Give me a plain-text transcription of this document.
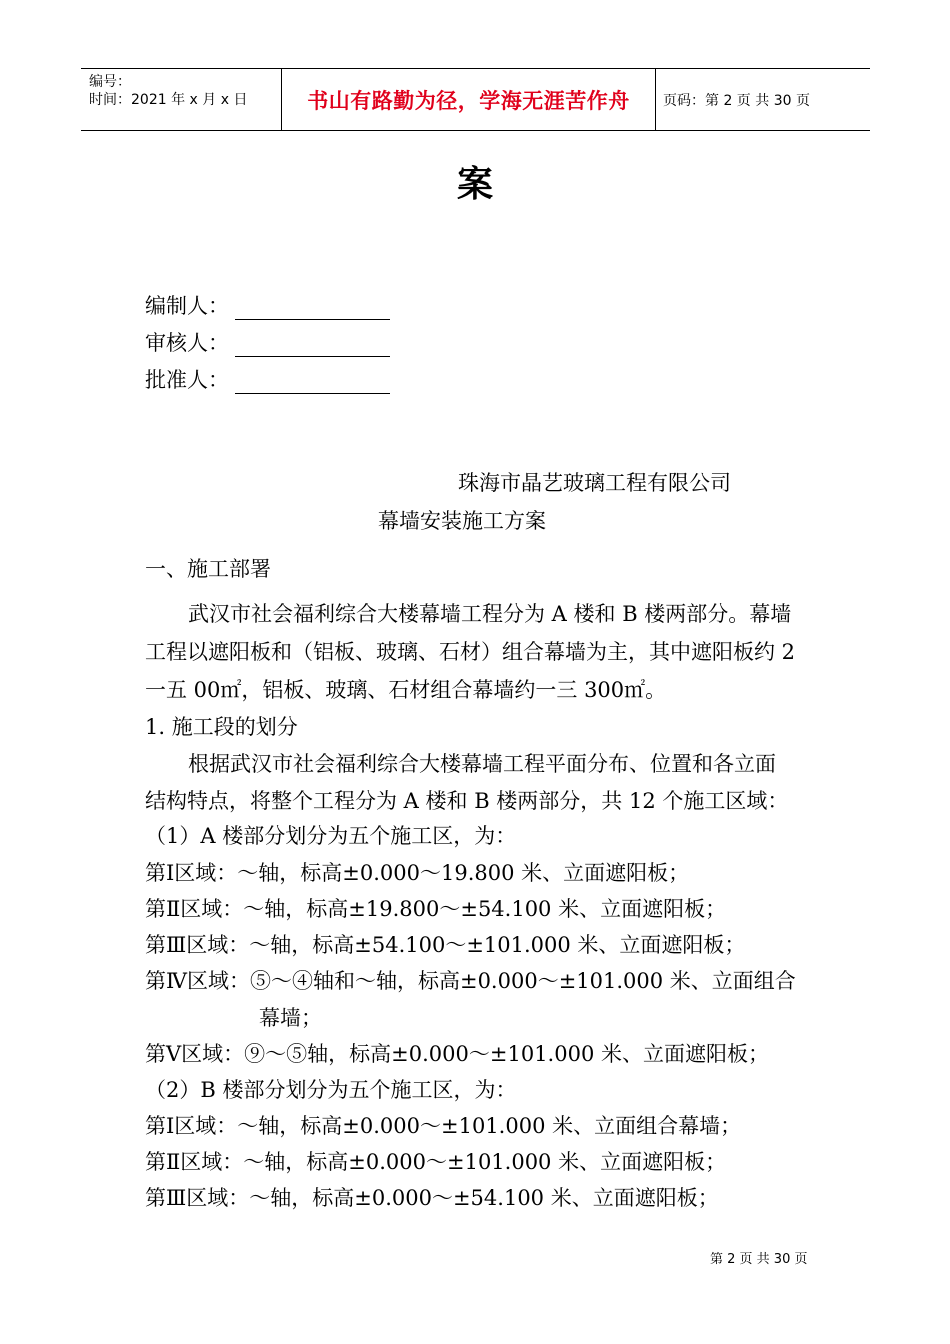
编号：
时间：2021 年 x 月 x 日	书山有路勤为径，学海无涯苦作舟 页码：第 2 页 共 30 页
案
编制人：
审核人：
批准人：
珠海市晶艺玻璃工程有限公司
幕墙安装施工方案
一、施工部署
武汉市社会福利综合大楼幕墙工程分为 A 楼和 B 楼两部分。幕墙
工程以遮阳板和（铝板、玻璃、石材）组合幕墙为主，其中遮阳板约 2
一五 00㎡，铝板、玻璃、石材组合幕墙约一三 300㎡。
1. 施工段的划分
根据武汉市社会福利综合大楼幕墙工程平面分布、位置和各立面
结构特点，将整个工程分为 A 楼和 B 楼两部分，共 12 个施工区域：
（1）A 楼部分划分为五个施工区，为：
第Ⅰ区域：～轴，标高±0.000～19.800 米、立面遮阳板；
第Ⅱ区域：～轴，标高±19.800～±54.100 米、立面遮阳板；
第Ⅲ区域：～轴，标高±54.100～±101.000 米、立面遮阳板；
第Ⅳ区域：⑤～④轴和～轴，标高±0.000～±101.000 米、立面组合
幕墙；
第Ⅴ区域：⑨～⑤轴，标高±0.000～±101.000 米、立面遮阳板；
（2）B 楼部分划分为五个施工区，为：
第Ⅰ区域：～轴，标高±0.000～±101.000 米、立面组合幕墙；
第Ⅱ区域：～轴，标高±0.000～±101.000 米、立面遮阳板；
第Ⅲ区域：～轴，标高±0.000～±54.100 米、立面遮阳板；
第 2 页 共 30 页
